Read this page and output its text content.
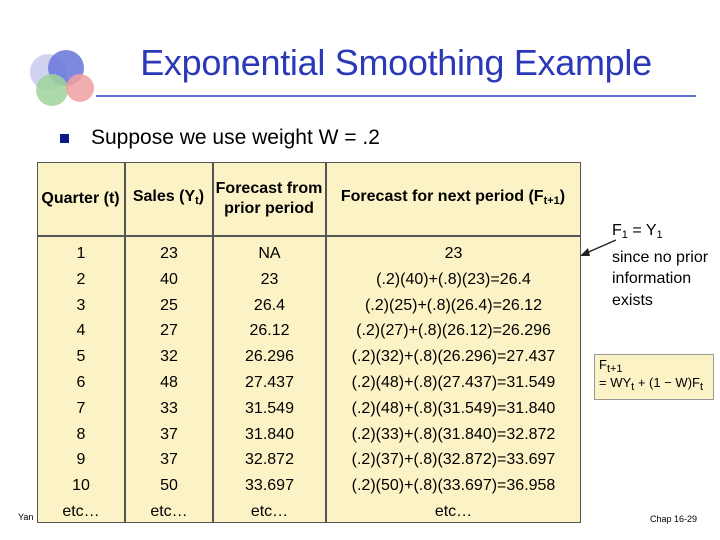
Exponential Smoothing Example
Suppose we use weight W = .2
Quarter (t) Sales $(Y_t)$ Forecast from prior period
Forecast for next period $(F_{t+1})$
1
2
3
4
5
6
7
8
9
10
etc…
23
40
25
27
32
48
33
37
37
50
etc…
NA
23
26.4
26.12
26.296
27.437
31.549
31.840
32.872
33.697
etc…
23
(.2)(40)+(.8)(23)=26.4
(.2)(25)+(.8)(26.4)=26.12
(.2)(27)+(.8)(26.12)=26.296
(.2)(32)+(.8)(26.296)=27.437
(.2)(48)+(.8)(27.437)=31.549
(.2)(48)+(.8)(31.549)=31.840
(.2)(33)+(.8)(31.840)=32.872
(.2)(37)+(.8)(32.872)=33.697
(.2)(50)+(.8)(33.697)=36.958
etc…
$F_1 = Y_1$
since no prior information exists
$F_{t+1}$
= $WY_t + (1 - W)F_t$
Yan	Chap 16-29
